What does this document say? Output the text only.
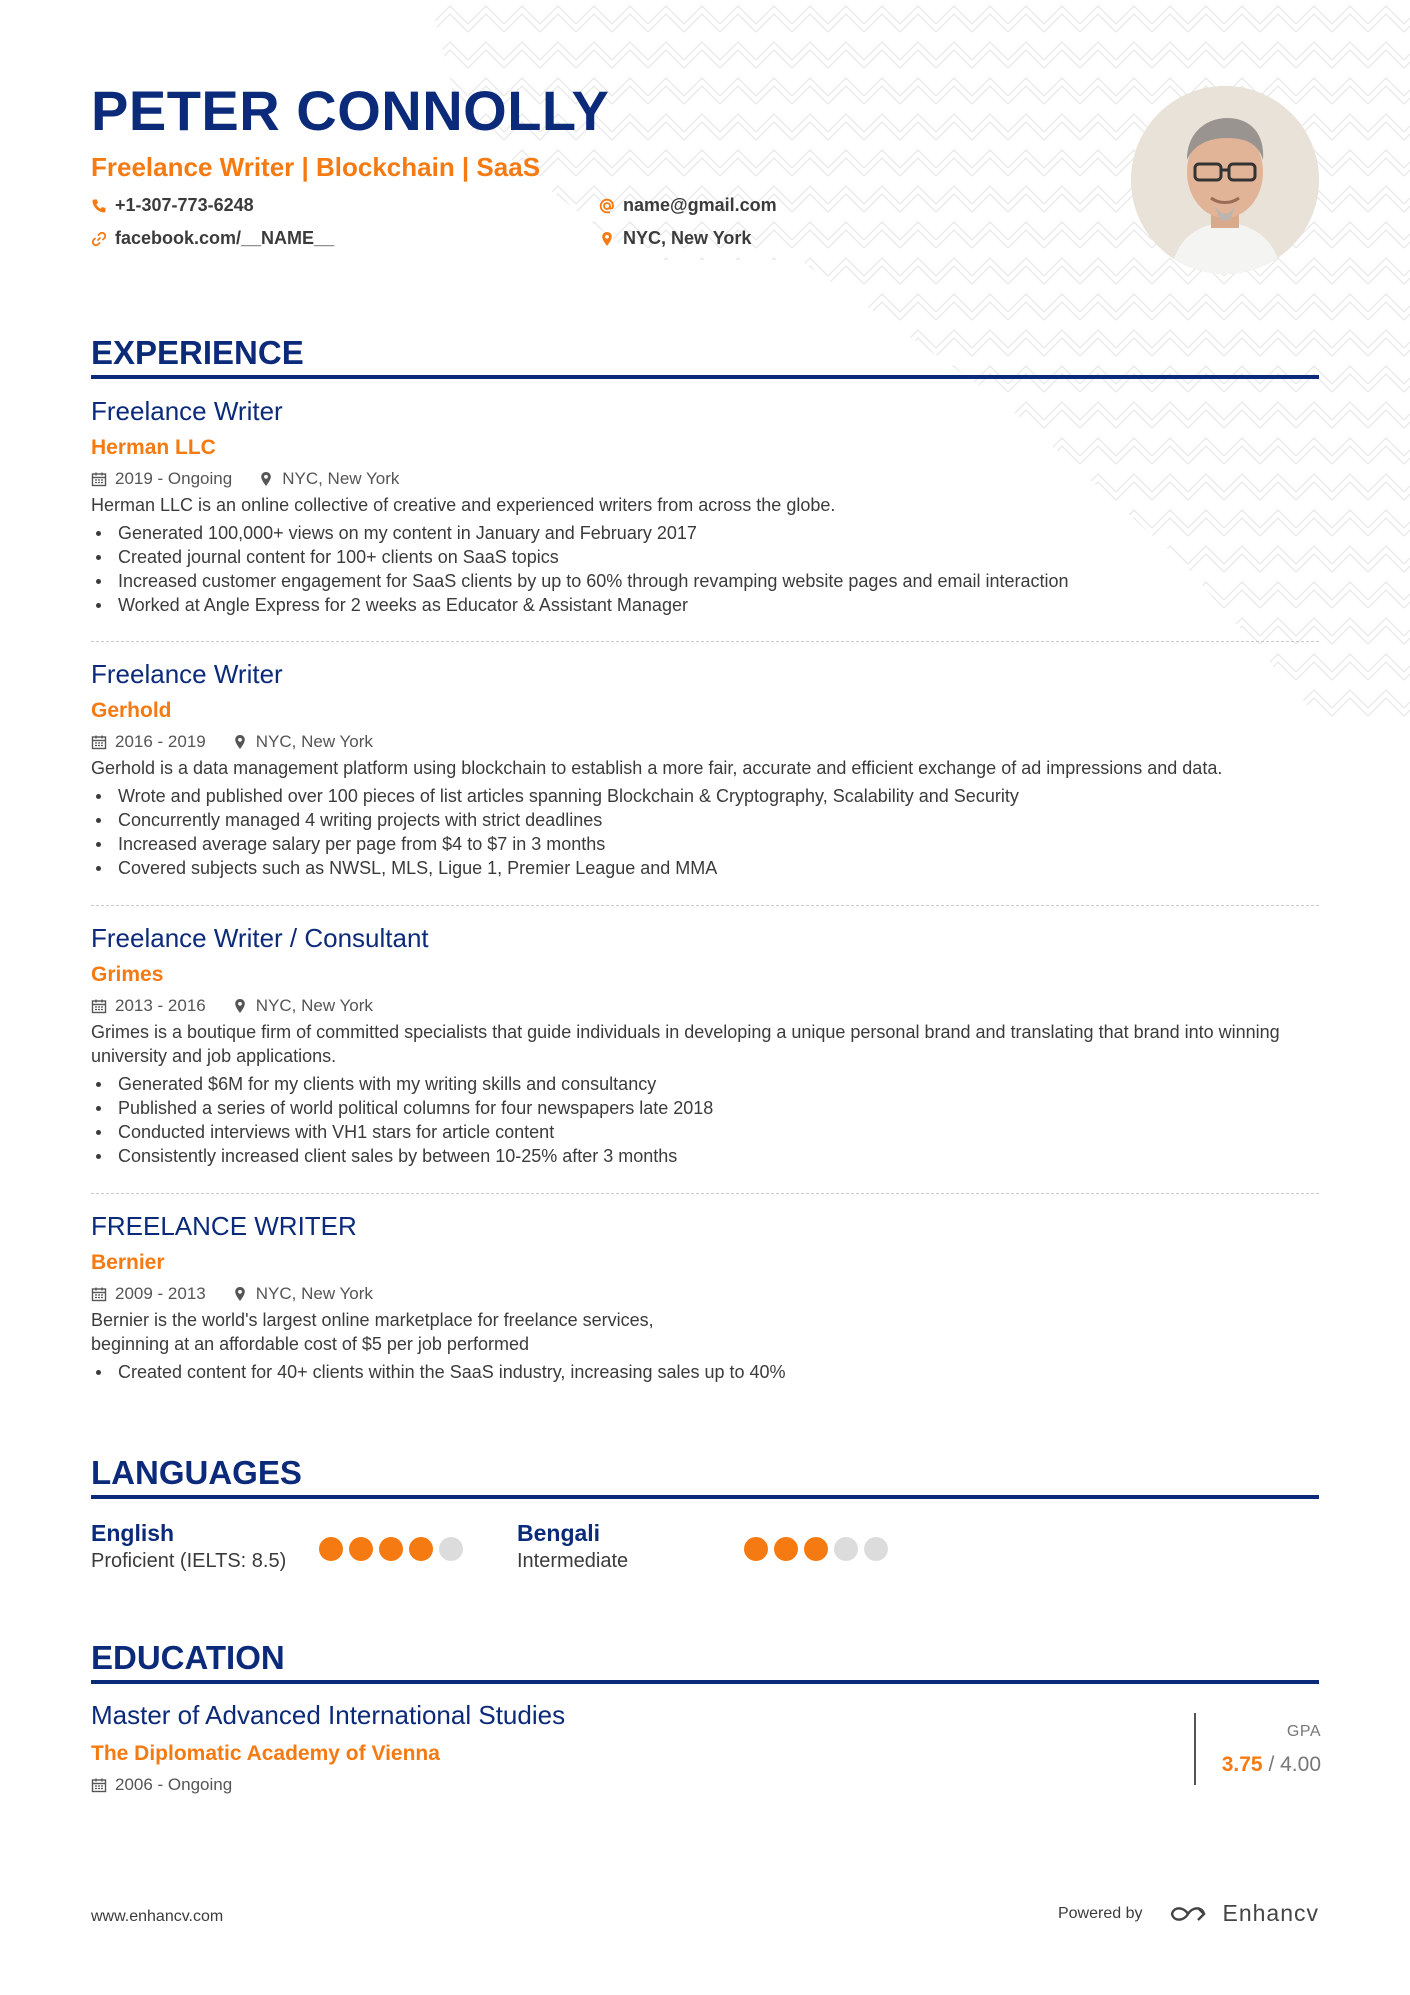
PETER CONNOLLY
Freelance Writer | Blockchain | SaaS
+1-307-773-6248	name@gmail.com
facebook.com/__NAME__	NYC, New York
EXPERIENCE
Freelance Writer
Herman LLC
2019 - Ongoing	NYC, New York
Herman LLC is an online collective of creative and experienced writers from across the globe.
Generated 100,000+ views on my content in January and February 2017
Created journal content for 100+ clients on SaaS topics
Increased customer engagement for SaaS clients by up to 60% through revamping website pages and email interaction
Worked at Angle Express for 2 weeks as Educator & Assistant Manager
Freelance Writer
Gerhold
2016 - 2019	NYC, New York
Gerhold is a data management platform using blockchain to establish a more fair, accurate and efficient exchange of ad impressions and data.
Wrote and published over 100 pieces of list articles spanning Blockchain & Cryptography, Scalability and Security
Concurrently managed 4 writing projects with strict deadlines
Increased average salary per page from $4 to $7 in 3 months
Covered subjects such as NWSL, MLS, Ligue 1, Premier League and MMA
Freelance Writer / Consultant
Grimes
2013 - 2016	NYC, New York
Grimes is a boutique firm of committed specialists that guide individuals in developing a unique personal brand and translating that brand into winning university and job applications.
Generated $6M for my clients with my writing skills and consultancy
Published a series of world political columns for four newspapers late 2018
Conducted interviews with VH1 stars for article content
Consistently increased client sales by between 10-25% after 3 months
FREELANCE WRITER
Bernier
2009 - 2013	NYC, New York
Bernier is the world's largest online marketplace for freelance services,
beginning at an affordable cost of $5 per job performed
Created content for 40+ clients within the SaaS industry, increasing sales up to 40%
LANGUAGES
English
Proficient (IELTS: 8.5)
Bengali
Intermediate
EDUCATION
Master of Advanced International Studies
The Diplomatic Academy of Vienna
2006 - Ongoing
GPA
3.75 / 4.00
www.enhancv.com	Powered by	Enhancv
